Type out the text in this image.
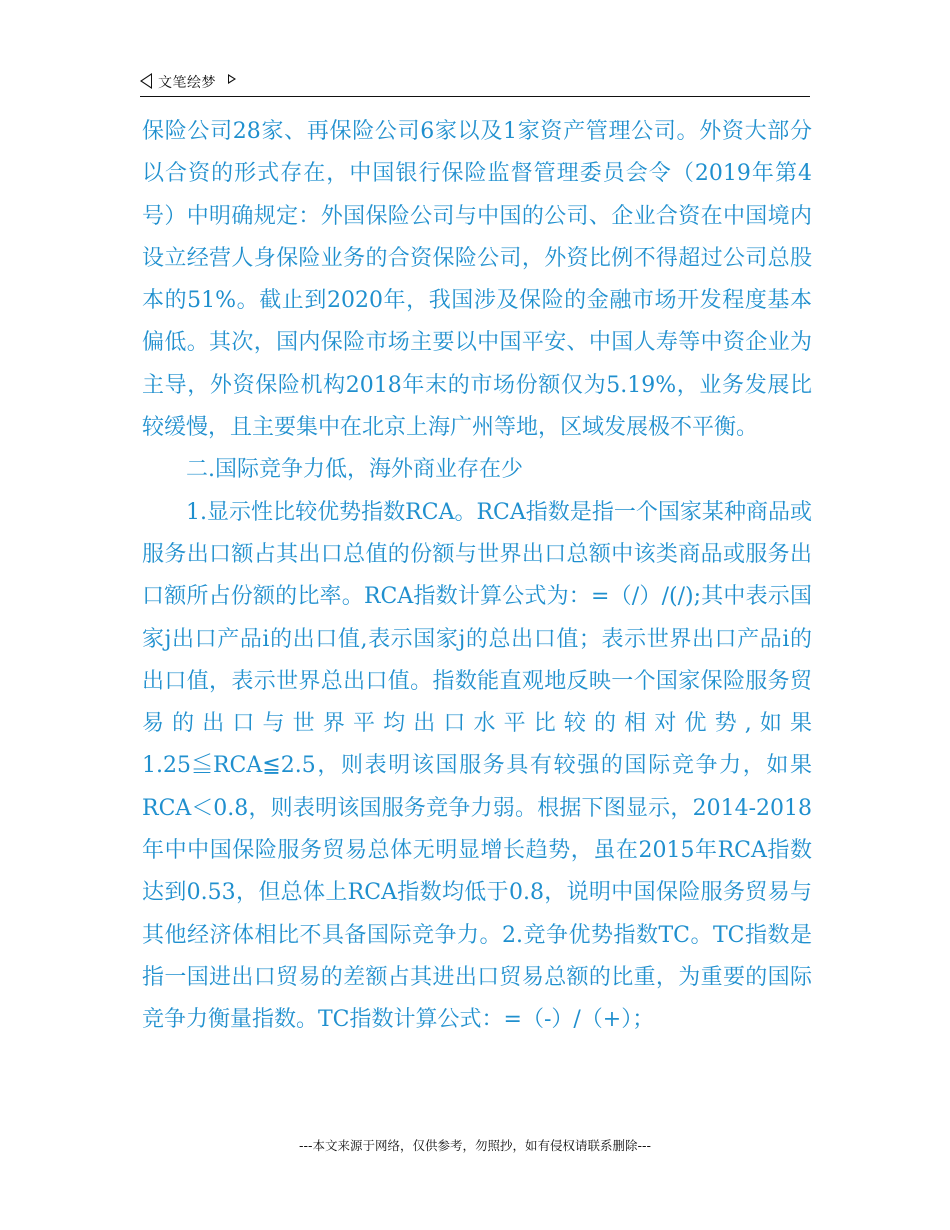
文笔绘梦

保险公司28家、再保险公司6家以及1家资产管理公司。外资大部分以合资的形式存在，中国银行保险监督管理委员会令（2019年第4号）中明确规定：外国保险公司与中国的公司、企业合资在中国境内设立经营人身保险业务的合资保险公司，外资比例不得超过公司总股本的51%。截止到2020年，我国涉及保险的金融市场开发程度基本偏低。其次，国内保险市场主要以中国平安、中国人寿等中资企业为主导，外资保险机构2018年末的市场份额仅为5.19%，业务发展比较缓慢，且主要集中在北京上海广州等地，区域发展极不平衡。

二.国际竞争力低，海外商业存在少

1.显示性比较优势指数RCA。RCA指数是指一个国家某种商品或服务出口额占其出口总值的份额与世界出口总额中该类商品或服务出口额所占份额的比率。RCA指数计算公式为：=（/）/(/);其中表示国家j出口产品i的出口值,表示国家j的总出口值；表示世界出口产品i的出口值，表示世界总出口值。指数能直观地反映一个国家保险服务贸易的出口与世界平均出口水平比较的相对优势,如果1.25≦RCA≦2.5，则表明该国服务具有较强的国际竞争力，如果RCA＜0.8，则表明该国服务竞争力弱。根据下图显示，2014-2018年中中国保险服务贸易总体无明显增长趋势，虽在2015年RCA指数达到0.53，但总体上RCA指数均低于0.8，说明中国保险服务贸易与其他经济体相比不具备国际竞争力。2.竞争优势指数TC。TC指数是指一国进出口贸易的差额占其进出口贸易总额的比重，为重要的国际竞争力衡量指数。TC指数计算公式：=（-）/（+）；

---本文来源于网络，仅供参考，勿照抄，如有侵权请联系删除---
